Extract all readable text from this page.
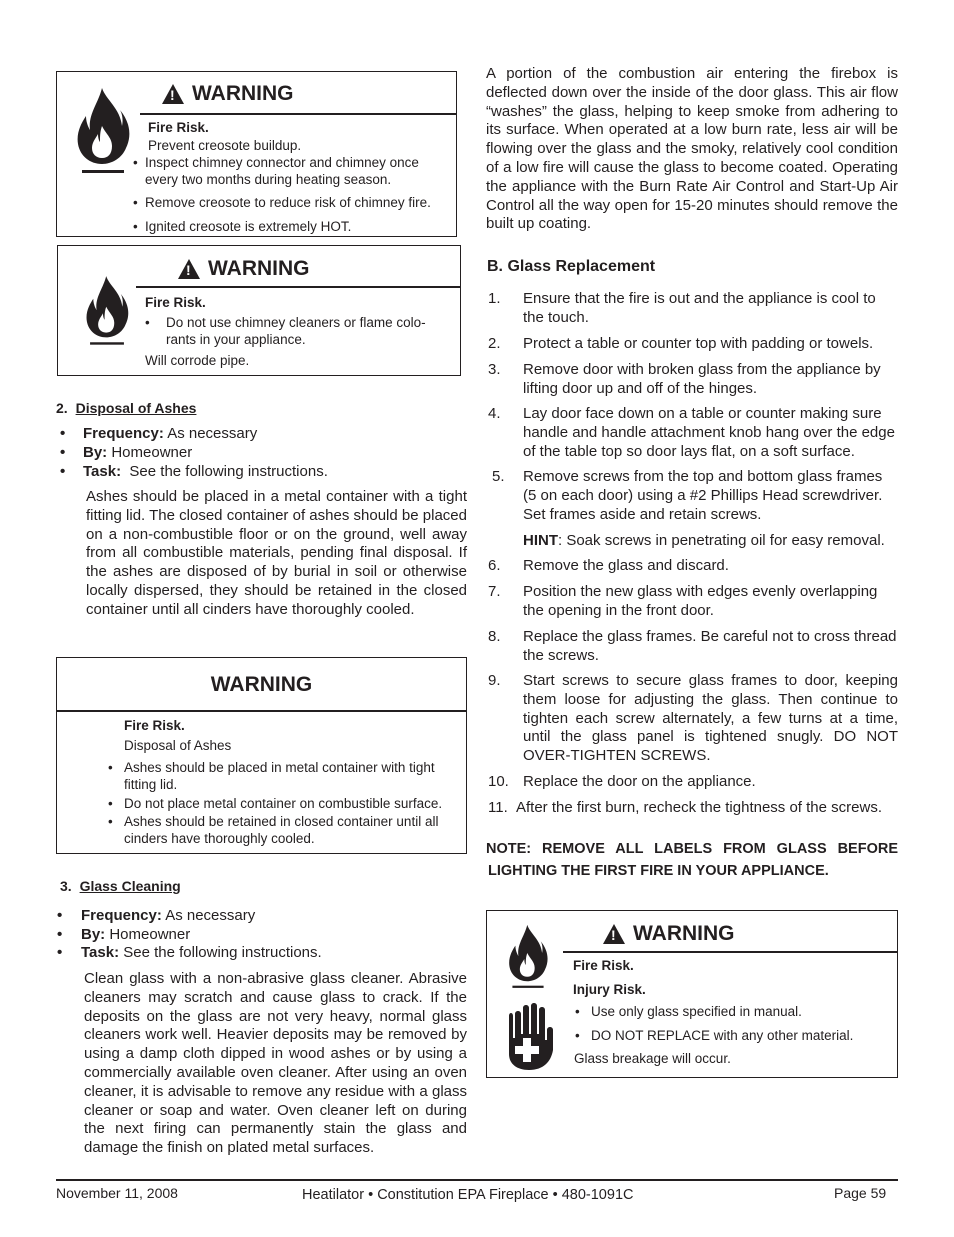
!
WARNING
Fire Risk.
Prevent creosote buildup.
• Inspect chimney connector and chimney once
every two months during heating season.
• Remove creosote to reduce risk of chimney fire.
• Ignited creosote is extremely HOT.
!
WARNING
Fire Risk.
• Do not use chimney cleaners or flame colo-
rants in your appliance.
Will corrode pipe.
2. Disposal of Ashes
• Frequency: As necessary
• By: Homeowner
• Task: See the following instructions.
Ashes should be placed in a metal container with a tight fitting lid. The closed container of ashes should be placed on a non-combustible floor or on the ground, well away from all combustible materials, pending final disposal. If the ashes are disposed of by burial in soil or otherwise locally dispersed, they should be retained in the closed container until all cinders have thoroughly cooled.
WARNING
Fire Risk.
Disposal of Ashes
• Ashes should be placed in metal container with tight
fitting lid.
• Do not place metal container on combustible surface.
• Ashes should be retained in closed container until all
cinders have thoroughly cooled.
3. Glass Cleaning
• Frequency: As necessary
• By: Homeowner
• Task: See the following instructions.
Clean glass with a non-abrasive glass cleaner. Abrasive cleaners may scratch and cause glass to crack. If the deposits on the glass are not very heavy, normal glass cleaners work well. Heavier deposits may be removed by using a damp cloth dipped in wood ashes or by using a commercially available oven cleaner. After using an oven cleaner, it is advisable to remove any residue with a glass cleaner or soap and water. Oven cleaner left on during the next firing can permanently stain the glass and damage the finish on plated metal surfaces.
A portion of the combustion air entering the firebox is deflected down over the inside of the door glass. This air flow “washes” the glass, helping to keep smoke from adhering to its surface. When operated at a low burn rate, less air will be flowing over the glass and the smoky, relatively cool condition of a low fire will cause the glass to become coated. Operating the appliance with the Burn Rate Air Control and Start-Up Air Control all the way open for 15-20 minutes should remove the built up coating.
B. Glass Replacement
1. Ensure that the fire is out and the appliance is cool to the touch.
2. Protect a table or counter top with padding or towels.
3. Remove door with broken glass from the appliance by lifting door up and off of the hinges.
4. Lay door face down on a table or counter making sure handle and handle attachment knob hang over the edge of the table top so door lays flat, on a soft surface.
5. Remove screws from the top and bottom glass frames (5 on each door) using a #2 Phillips Head screwdriver. Set frames aside and retain screws.
HINT: Soak screws in penetrating oil for easy removal.
6. Remove the glass and discard.
7. Position the new glass with edges evenly overlapping the opening in the front door.
8. Replace the glass frames. Be careful not to cross thread the screws.
9. Start screws to secure glass frames to door, keeping them loose for adjusting the glass. Then continue to tighten each screw alternately, a few turns at a time, until the glass panel is tightened snugly. DO NOT OVER-TIGHTEN SCREWS.
10. Replace the door on the appliance.
11. After the first burn, recheck the tightness of the screws.
NOTE: REMOVE ALL LABELS FROM GLASS BEFORE
LIGHTING THE FIRST FIRE IN YOUR APPLIANCE.
!
WARNING
Fire Risk.
Injury Risk.
• Use only glass specified in manual.
• DO NOT REPLACE with any other material.
Glass breakage will occur.
November 11, 2008	Heatilator • Constitution EPA Fireplace • 480-1091C	Page 59
